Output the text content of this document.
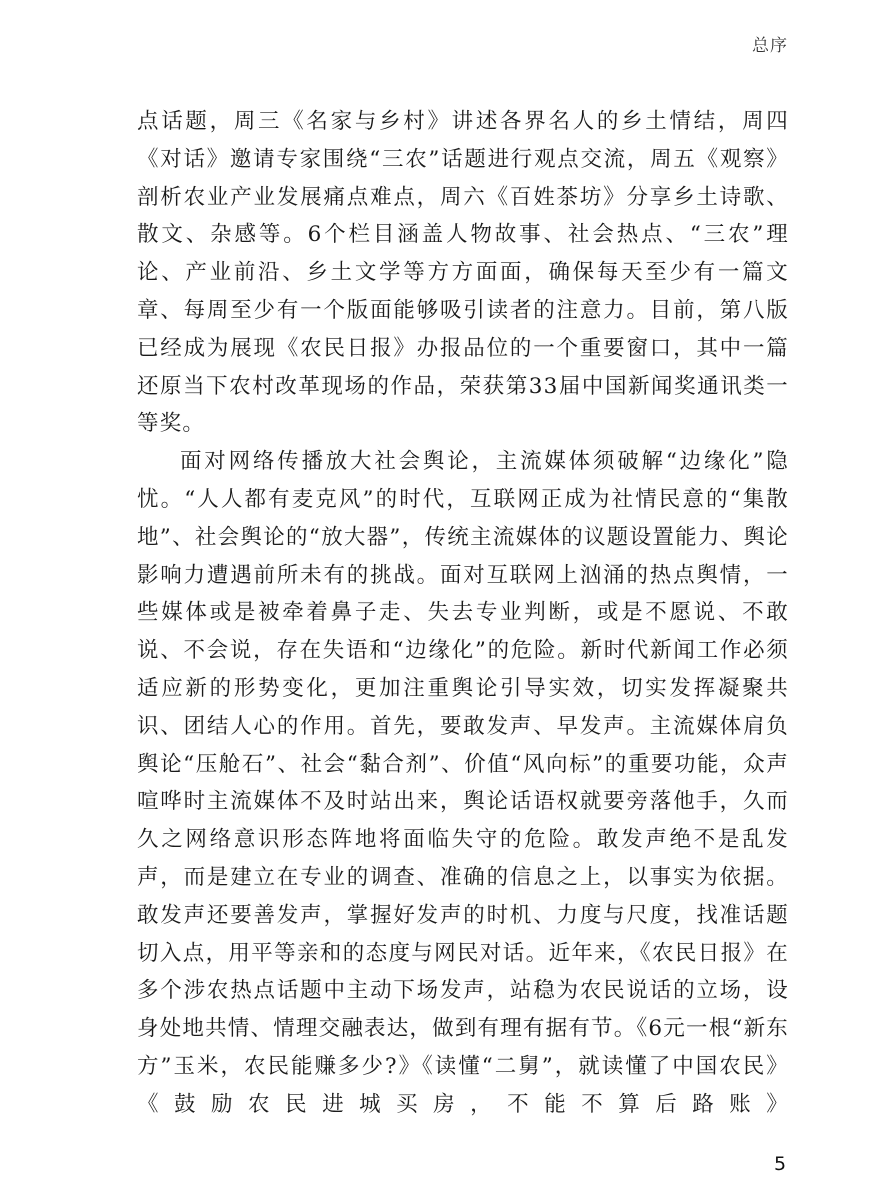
总序

点话题，周三《名家与乡村》讲述各界名人的乡土情结，周四《对话》邀请专家围绕“三农”话题进行观点交流，周五《观察》剖析农业产业发展痛点难点，周六《百姓茶坊》分享乡土诗歌、散文、杂感等。6个栏目涵盖人物故事、社会热点、“三农”理论、产业前沿、乡土文学等方方面面，确保每天至少有一篇文章、每周至少有一个版面能够吸引读者的注意力。目前，第八版已经成为展现《农民日报》办报品位的一个重要窗口，其中一篇还原当下农村改革现场的作品，荣获第33届中国新闻奖通讯类一等奖。

面对网络传播放大社会舆论，主流媒体须破解“边缘化”隐忧。“人人都有麦克风”的时代，互联网正成为社情民意的“集散地”、社会舆论的“放大器”，传统主流媒体的议题设置能力、舆论影响力遭遇前所未有的挑战。面对互联网上汹涌的热点舆情，一些媒体或是被牵着鼻子走、失去专业判断，或是不愿说、不敢说、不会说，存在失语和“边缘化”的危险。新时代新闻工作必须适应新的形势变化，更加注重舆论引导实效，切实发挥凝聚共识、团结人心的作用。首先，要敢发声、早发声。主流媒体肩负舆论“压舱石”、社会“黏合剂”、价值“风向标”的重要功能，众声喧哗时主流媒体不及时站出来，舆论话语权就要旁落他手，久而久之网络意识形态阵地将面临失守的危险。敢发声绝不是乱发声，而是建立在专业的调查、准确的信息之上，以事实为依据。敢发声还要善发声，掌握好发声的时机、力度与尺度，找准话题切入点，用平等亲和的态度与网民对话。近年来，《农民日报》在多个涉农热点话题中主动下场发声，站稳为农民说话的立场，设身处地共情、情理交融表达，做到有理有据有节。《6元一根“新东方”玉米，农民能赚多少?》《读懂“二舅”，就读懂了中国农民》《鼓励农民进城买房，不能不算后路账》

5
